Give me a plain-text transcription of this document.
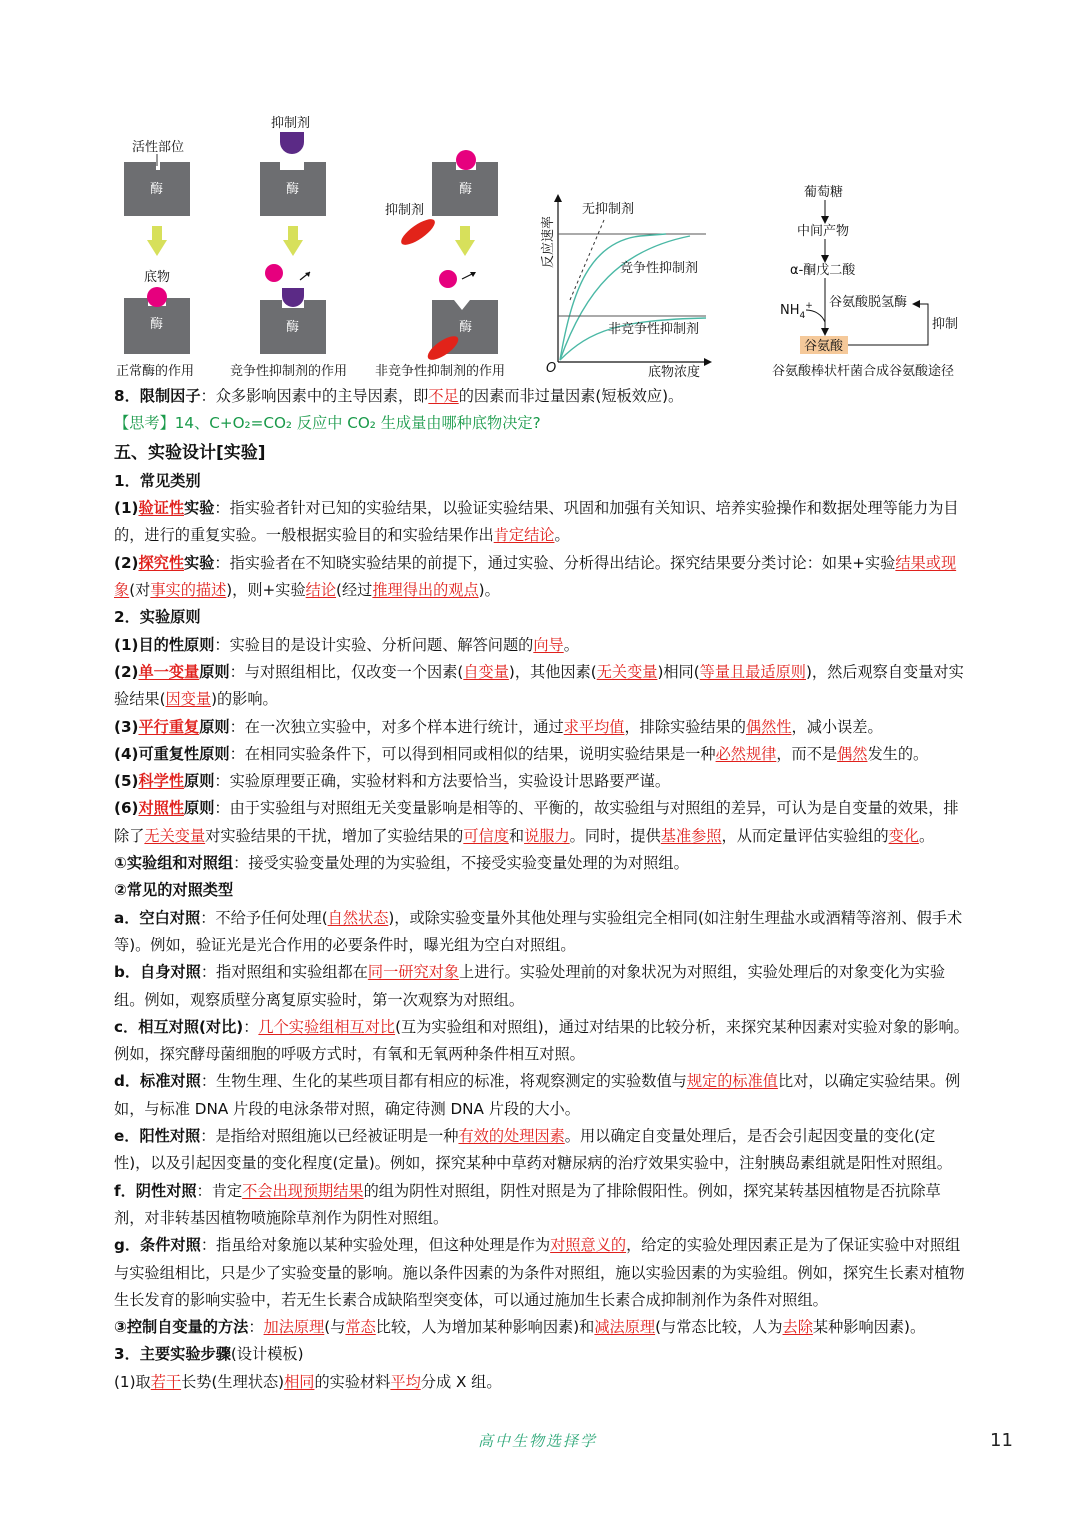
活性部位
酶
底物
酶
正常酶的作用
抑制剂
酶
酶
竞争性抑制剂的作用
酶
抑制剂
酶
非竞争性抑制剂的作用
反应速率
O	底物浓度
无抑制剂
竞争性抑制剂
非竞争性抑制剂
葡萄糖
中间产物
α-酮戊二酸
$NH_4^+$ 谷氨酸脱氢酶
谷氨酸
抑制
谷氨酸棒状杆菌合成谷氨酸途径

8．限制因子：众多影响因素中的主导因素，即不足的因素而非过量因素(短板效应)。

【思考】14、C+O₂=CO₂ 反应中 CO₂ 生成量由哪种底物决定?

五、实验设计[实验]

1．常见类别

(1)验证性实验：指实验者针对已知的实验结果，以验证实验结果、巩固和加强有关知识、培养实验操作和数据处理等能力为目的，进行的重复实验。一般根据实验目的和实验结果作出肯定结论。

(2)探究性实验：指实验者在不知晓实验结果的前提下，通过实验、分析得出结论。探究结果要分类讨论：如果+实验结果或现象(对事实的描述)，则+实验结论(经过推理得出的观点)。

2．实验原则

(1)目的性原则：实验目的是设计实验、分析问题、解答问题的向导。

(2)单一变量原则：与对照组相比，仅改变一个因素(自变量)，其他因素(无关变量)相同(等量且最适原则)，然后观察自变量对实验结果(因变量)的影响。

(3)平行重复原则：在一次独立实验中，对多个样本进行统计，通过求平均值，排除实验结果的偶然性，减小误差。

(4)可重复性原则：在相同实验条件下，可以得到相同或相似的结果，说明实验结果是一种必然规律，而不是偶然发生的。

(5)科学性原则：实验原理要正确，实验材料和方法要恰当，实验设计思路要严谨。

(6)对照性原则：由于实验组与对照组无关变量影响是相等的、平衡的，故实验组与对照组的差异，可认为是自变量的效果，排除了无关变量对实验结果的干扰，增加了实验结果的可信度和说服力。同时，提供基准参照，从而定量评估实验组的变化。

①实验组和对照组：接受实验变量处理的为实验组，不接受实验变量处理的为对照组。

②常见的对照类型

a．空白对照：不给予任何处理(自然状态)，或除实验变量外其他处理与实验组完全相同(如注射生理盐水或酒精等溶剂、假手术等)。例如，验证光是光合作用的必要条件时，曝光组为空白对照组。

b．自身对照：指对照组和实验组都在同一研究对象上进行。实验处理前的对象状况为对照组，实验处理后的对象变化为实验组。例如，观察质壁分离复原实验时，第一次观察为对照组。

c．相互对照(对比)：几个实验组相互对比(互为实验组和对照组)，通过对结果的比较分析，来探究某种因素对实验对象的影响。例如，探究酵母菌细胞的呼吸方式时，有氧和无氧两种条件相互对照。

d．标准对照：生物生理、生化的某些项目都有相应的标准，将观察测定的实验数值与规定的标准值比对，以确定实验结果。例如，与标准 DNA 片段的电泳条带对照，确定待测 DNA 片段的大小。

e．阳性对照：是指给对照组施以已经被证明是一种有效的处理因素。用以确定自变量处理后，是否会引起因变量的变化(定性)，以及引起因变量的变化程度(定量)。例如，探究某种中草药对糖尿病的治疗效果实验中，注射胰岛素组就是阳性对照组。

f．阴性对照：肯定不会出现预期结果的组为阴性对照组，阴性对照是为了排除假阳性。例如，探究某转基因植物是否抗除草剂，对非转基因植物喷施除草剂作为阴性对照组。

g．条件对照：指虽给对象施以某种实验处理，但这种处理是作为对照意义的，给定的实验处理因素正是为了保证实验中对照组与实验组相比，只是少了实验变量的影响。施以条件因素的为条件对照组，施以实验因素的为实验组。例如，探究生长素对植物生长发育的影响实验中，若无生长素合成缺陷型突变体，可以通过施加生长素合成抑制剂作为条件对照组。

③控制自变量的方法：加法原理(与常态比较，人为增加某种影响因素)和减法原理(与常态比较，人为去除某种影响因素)。

3．主要实验步骤(设计模板)

(1)取若干长势(生理状态)相同的实验材料平均分成 X 组。

高中生物选择学	11
